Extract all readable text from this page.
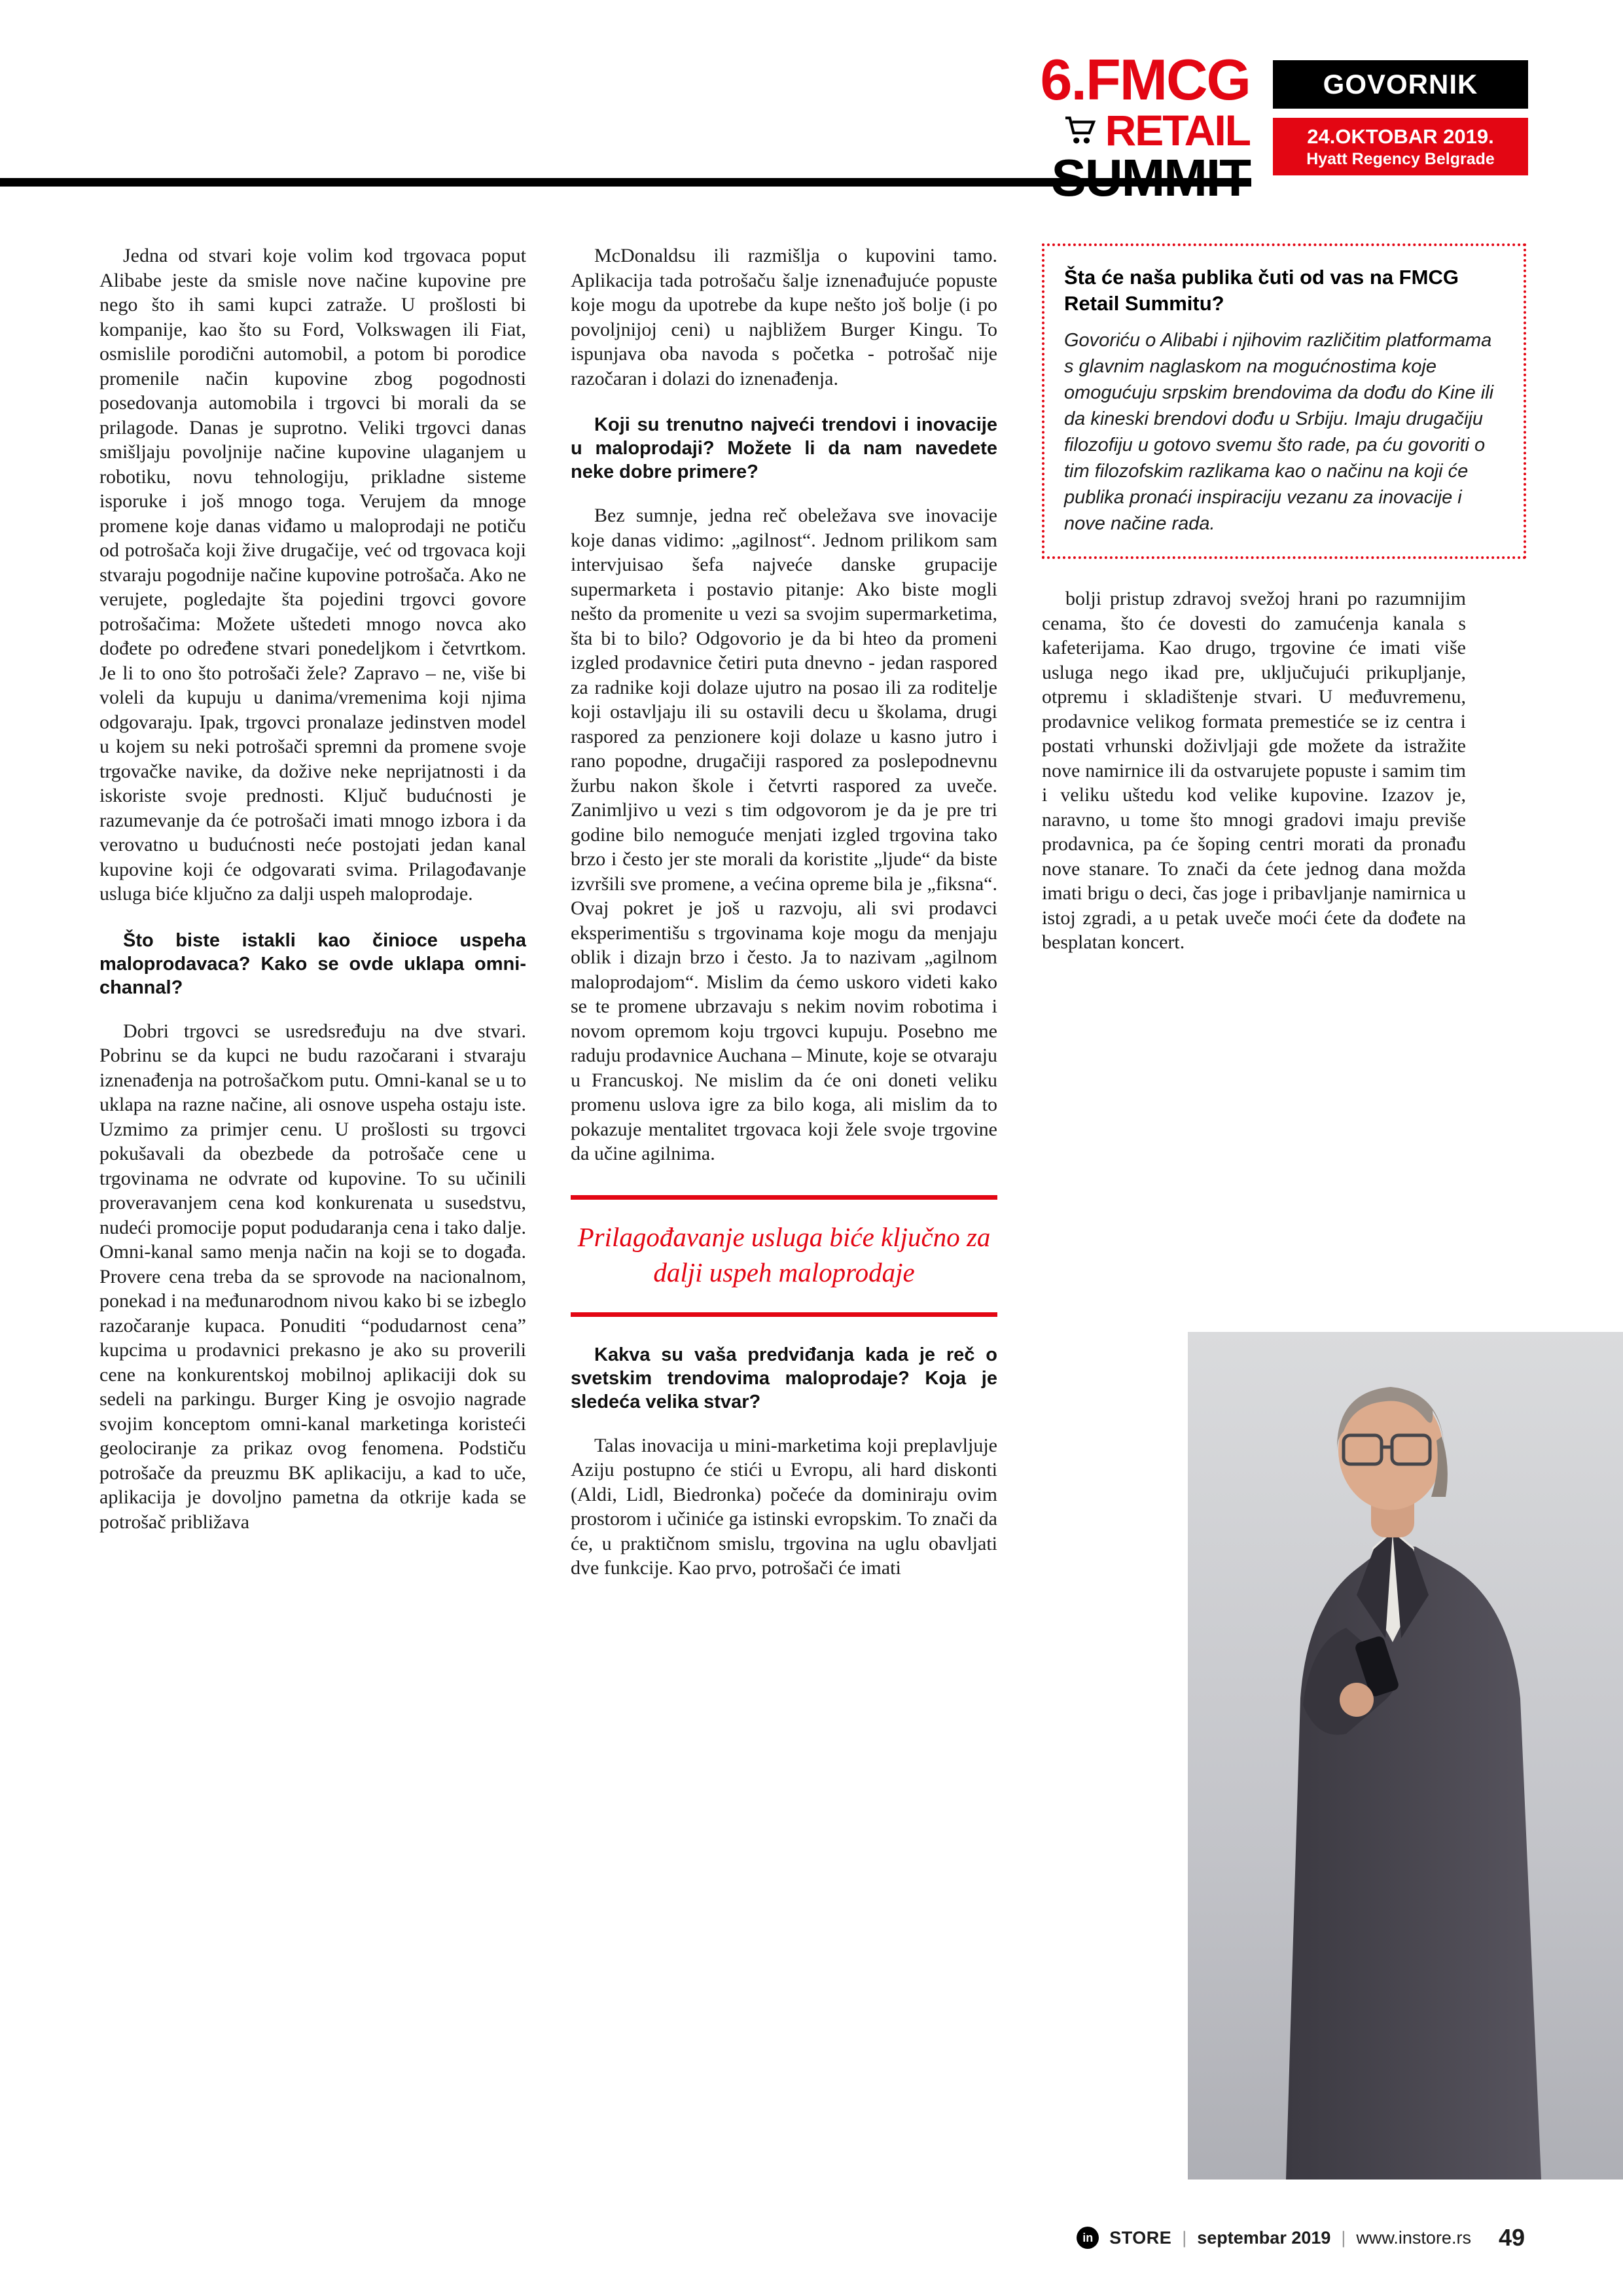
6.FMCG
RETAIL
GOVORNIK
24.OKTOBAR 2019.
Hyatt Regency Belgrade

Jedna od stvari koje volim kod trgovaca poput Alibabe jeste da smisle nove načine kupovine pre nego što ih sami kupci zatraže. U prošlosti bi kompanije, kao što su Ford, Volkswagen ili Fiat, osmislile porodični automobil, a potom bi porodice promenile način kupovine zbog pogodnosti posedovanja automobila i trgovci bi morali da se prilagode. Danas je suprotno. Veliki trgovci danas smišljaju povoljnije načine kupovine ulaganjem u robotiku, novu tehnologiju, prikladne sisteme isporuke i još mnogo toga. Verujem da mnoge promene koje danas viđamo u maloprodaji ne potiču od potrošača koji žive drugačije, već od trgovaca koji stvaraju pogodnije načine kupovine potrošača. Ako ne verujete, pogledajte šta pojedini trgovci govore potrošačima: Možete uštedeti mnogo novca ako dođete po određene stvari ponedeljkom i četvrtkom. Je li to ono što potrošači žele? Zapravo – ne, više bi voleli da kupuju u danima/vremenima koji njima odgovaraju. Ipak, trgovci pronalaze jedinstven model u kojem su neki potrošači spremni da promene svoje trgovačke navike, da dožive neke neprijatnosti i da iskoriste svoje prednosti. Ključ budućnosti je razumevanje da će potrošači imati mnogo izbora i da verovatno u budućnosti neće postojati jedan kanal kupovine koji će odgovarati svima. Prilagođavanje usluga biće ključno za dalji uspeh maloprodaje.

Što biste istakli kao činioce uspeha maloprodavaca? Kako se ovde uklapa omni-channal?

Dobri trgovci se usredsređuju na dve stvari. Pobrinu se da kupci ne budu razočarani i stvaraju iznenađenja na potrošačkom putu. Omni-kanal se u to uklapa na razne načine, ali osnove uspeha ostaju iste. Uzmimo za primjer cenu. U prošlosti su trgovci pokušavali da obezbede da potrošače cene u trgovinama ne odvrate od kupovine. To su učinili proveravanjem cena kod konkurenata u susedstvu, nudeći promocije poput podudaranja cena i tako dalje. Omni-kanal samo menja način na koji se to događa. Provere cena treba da se sprovode na nacionalnom, ponekad i na međunarodnom nivou kako bi se izbeglo razočaranje kupaca. Ponuditi “podudarnost cena” kupcima u prodavnici prekasno je ako su proverili cene na konkurentskoj mobilnoj aplikaciji dok su sedeli na parkingu. Burger King je osvojio nagrade svojim konceptom omni-kanal marketinga koristeći geolociranje za prikaz ovog fenomena. Podstiču potrošače da preuzmu BK aplikaciju, a kad to uče, aplikacija je dovoljno pametna da otkrije kada se potrošač približava

McDonaldsu ili razmišlja o kupovini tamo. Aplikacija tada potrošaču šalje iznenađujuće popuste koje mogu da upotrebe da kupe nešto još bolje (i po povoljnijoj ceni) u najbližem Burger Kingu. To ispunjava oba navoda s početka - potrošač nije razočaran i dolazi do iznenađenja.

Koji su trenutno najveći trendovi i inovacije u maloprodaji? Možete li da nam navedete neke dobre primere?

Bez sumnje, jedna reč obeležava sve inovacije koje danas vidimo: „agilnost“. Jednom prilikom sam intervjuisao šefa najveće danske grupacije supermarketa i postavio pitanje: Ako biste mogli nešto da promenite u vezi sa svojim supermarketima, šta bi to bilo? Odgovorio je da bi hteo da promeni izgled prodavnice četiri puta dnevno - jedan raspored za radnike koji dolaze ujutro na posao ili za roditelje koji ostavljaju ili su ostavili decu u školama, drugi raspored za penzionere koji dolaze u kasno jutro i rano popodne, drugačiji raspored za poslepodnevnu žurbu nakon škole i četvrti raspored za uveče. Zanimljivo u vezi s tim odgovorom je da je pre tri godine bilo nemoguće menjati izgled trgovina tako brzo i često jer ste morali da koristite „ljude“ da biste izvršili sve promene, a većina opreme bila je „fiksna“. Ovaj pokret je još u razvoju, ali svi prodavci eksperimentišu s trgovinama koje mogu da menjaju oblik i dizajn brzo i često. Ja to nazivam „agilnom maloprodajom“. Mislim da ćemo uskoro videti kako se te promene ubrzavaju s nekim novim robotima i novom opremom koju trgovci kupuju. Posebno me raduju prodavnice Auchana – Minute, koje se otvaraju u Francuskoj. Ne mislim da će oni doneti veliku promenu uslova igre za bilo koga, ali mislim da to pokazuje mentalitet trgovaca koji žele svoje trgovine da učine agilnima.

Prilagođavanje usluga biće ključno za dalji uspeh maloprodaje
Kakva su vaša predviđanja kada je reč o svetskim trendovima maloprodaje? Koja je sledeća velika stvar?

Talas inovacija u mini-marketima koji preplavljuje Aziju postupno će stići u Evropu, ali hard diskonti (Aldi, Lidl, Biedronka) počeće da dominiraju ovim prostorom i učiniće ga istinski evropskim. To znači da će, u praktičnom smislu, trgovina na uglu obavljati dve funkcije. Kao prvo, potrošači će imati

Šta će naša publika čuti od vas na FMCG Retail Summitu?
Govoriću o Alibabi i njihovim različitim platformama s glavnim naglaskom na mogućnostima koje omogućuju srpskim brendovima da dođu do Kine ili da kineski brendovi dođu u Srbiju. Imaju drugačiju filozofiju u gotovo svemu što rade, pa ću govoriti o tim filozofskim razlikama kao o načinu na koji će publika pronaći inspiraciju vezanu za inovacije i nove načine rada.

bolji pristup zdravoj svežoj hrani po razumnijim cenama, što će dovesti do zamućenja kanala s kafeterijama. Kao drugo, trgovine će imati više usluga nego ikad pre, uključujući prikupljanje, otpremu i skladištenje stvari. U međuvremenu, prodavnice velikog formata premestiće se iz centra i postati vrhunski doživljaji gde možete da istražite nove namirnice ili da ostvarujete popuste i samim tim i veliku uštedu kod velike kupovine. Izazov je, naravno, u tome što mnogi gradovi imaju previše prodavnica, pa će šoping centri morati da pronađu nove stanare. To znači da ćete jednog dana možda imati brigu o deci, čas joge i pribavljanje namirnica u istoj zgradi, a u petak uveče moći ćete da dođete na besplatan koncert.

in STORE | septembar 2019 | www.instore.rs 49
